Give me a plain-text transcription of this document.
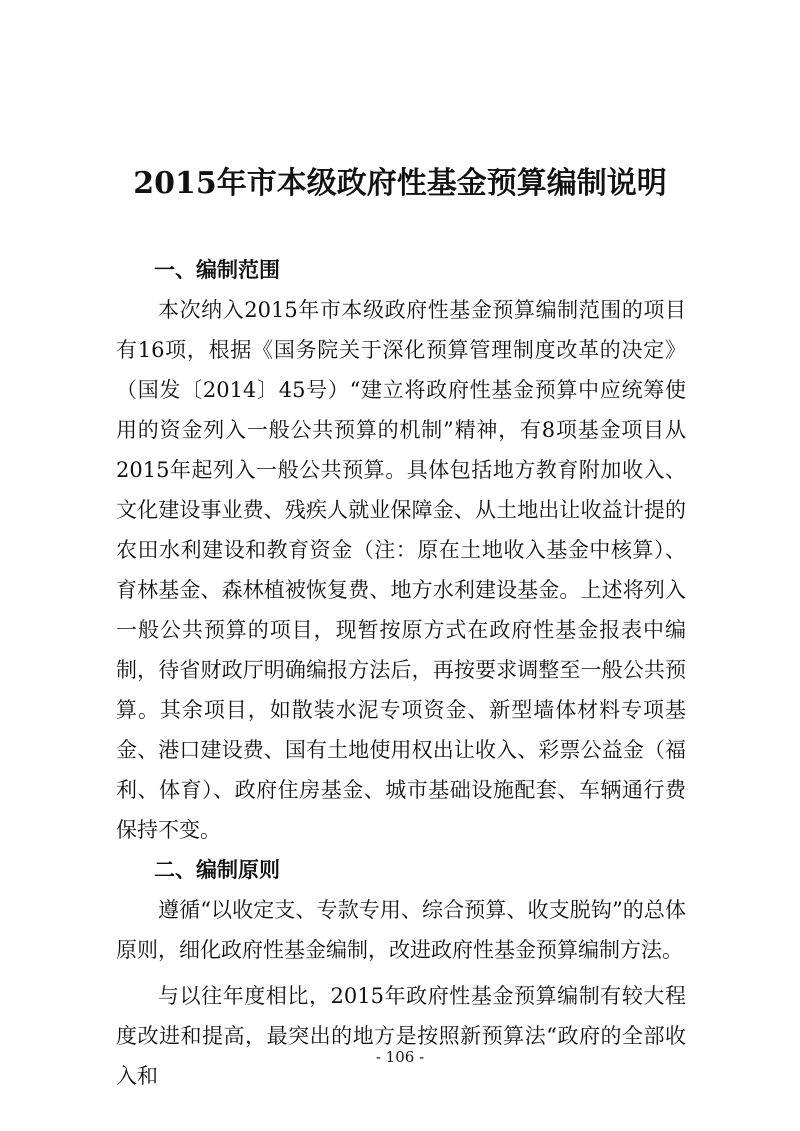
2015年市本级政府性基金预算编制说明
一、编制范围

本次纳入2015年市本级政府性基金预算编制范围的项目有16项，根据《国务院关于深化预算管理制度改革的决定》（国发〔2014〕45号）“建立将政府性基金预算中应统筹使用的资金列入一般公共预算的机制”精神，有8项基金项目从2015年起列入一般公共预算。具体包括地方教育附加收入、文化建设事业费、残疾人就业保障金、从土地出让收益计提的农田水利建设和教育资金（注：原在土地收入基金中核算）、育林基金、森林植被恢复费、地方水利建设基金。上述将列入一般公共预算的项目，现暂按原方式在政府性基金报表中编制，待省财政厅明确编报方法后，再按要求调整至一般公共预算。其余项目，如散装水泥专项资金、新型墙体材料专项基金、港口建设费、国有土地使用权出让收入、彩票公益金（福利、体育）、政府住房基金、城市基础设施配套、车辆通行费保持不变。

二、编制原则

遵循“以收定支、专款专用、综合预算、收支脱钩”的总体原则，细化政府性基金编制，改进政府性基金预算编制方法。

与以往年度相比，2015年政府性基金预算编制有较大程度改进和提高，最突出的地方是按照新预算法“政府的全部收入和

- 106 -
